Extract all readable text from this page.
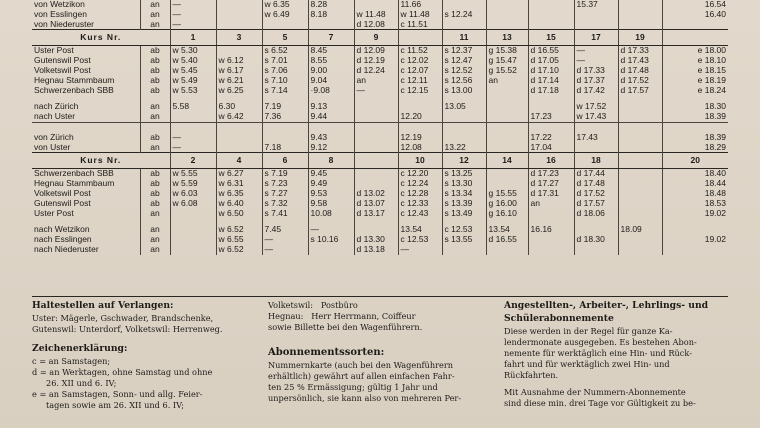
von Wetzikon	an	—		w 6.35	8.28		11.66				15.37		16.54
von Esslingen	an	—		w 6.49	8.18	w 11.48	w 11.48	s 12.24					16.40
von Niederuster	an	—				d 12.08	c 11.51						
Kurs Nr.		1	3	5	7	9		11	13	15	17	19	
Uster Post	ab	w 5.30		s 6.52	8.45	d 12.09	c 11.52	s 12.37	g 15.38	d 16.55	—	d 17.33	e 18.00
Gutenswil Post	ab	w 5.40	w 6.12	s 7.01	8.55	d 12.19	c 12.02	s 12.47	g 15.47	d 17.05	—	d 17.43	e 18.10
Volketswil Post	ab	w 5.45	w 6.17	s 7.06	9.00	d 12.24	c 12.07	s 12.52	g 15.52	d 17.10	d 17.33	d 17.48	e 18.15
Hegnau Stammbaum	ab	w 5.49	w 6.21	s 7.10	9.04	an	c 12.11	s 12.56	an	d 17.14	d 17.37	d 17.52	e 18.19
Schwerzenbach SBB	ab	w 5.53	w 6.25	s 7.14	·9.08	—	c 12.15	s 13.00		d 17.18	d 17.42	d 17.57	e 18.24

nach Zürich	an	5.58	6.30	7.19	9.13			13.05			w 17.52		18.30
nach Uster	an		w 6.42	7.36	9.44		12.20			17.23	w 17.43		18.39

von Zürich	ab	—			9.43		12.19			17.22	17.43		18.39
von Uster	an	—		7.18	9.12		12.08	13.22		17.04			18.29
Kurs Nr.		2	4	6	8		10	12	14	16	18		20
Schwerzenbach SBB	ab	w 5.55	w 6.27	s 7.19	9.45		c 12.20	s 13.25		d 17.23	d 17.44		18.40
Hegnau Stammbaum	ab	w 5.59	w 6.31	s 7.23	9.49		c 12.24	s 13.30		d 17.27	d 17.48		18.44
Volketswil Post	ab	w 6.03	w 6.35	s 7.27	9.53	d 13.02	c 12.28	s 13.34	g 15.55	d 17.31	d 17.52		18.48
Gutenswil Post	ab	w 6.08	w 6.40	s 7.32	9.58	d 13.07	c 12.33	s 13.39	g 16.00	an	d 17.57		18.53
Uster Post	an		w 6.50	s 7.41	10.08	d 13.17	c 12.43	s 13.49	g 16.10		d 18.06		19.02

nach Wetzikon	an		w 6.52	7.45	—		13.54	c 12.53	13.54	16.16		18.09	
nach Esslingen	an		w 6.55	—	s 10.16	d 13.30	c 12.53	s 13.55	d 16.55		d 18.30		19.02
nach Niederuster	an		w 6.52	—		d 13.18	—						
Haltestellen auf Verlangen:

Uster: Mägerle, Gschwader, Brandschenke,

Gutenswil: Unterdorf, Volketswil: Herrenweg.

Zeichenerklärung:

c = an Samstagen;

d = an Werktagen, ohne Samstag und ohne

26. XII und 6. IV;

e = an Samstagen, Sonn- und allg. Feier-

tagen sowie am 26. XII und 6. IV;

Volketswil: Postbüro

Hegnau: Herr Herrmann, Coiffeur

sowie Billette bei den Wagenführern.

Abonnementssorten:

Nummernkarte (auch bei den Wagenführern

erhältlich) gewährt auf allen einfachen Fahr-

ten 25 % Ermässigung; gültig 1 Jahr und

unpersönlich, sie kann also von mehreren Per-

Angestellten-, Arbeiter-, Lehrlings- und
Schülerabonnemente

Diese werden in der Regel für ganze Ka-

lendermonate ausgegeben. Es bestehen Abon-

nemente für werktäglich eine Hin- und Rück-

fahrt und für werktäglich zwei Hin- und

Rückfahrten.

Mit Ausnahme der Nummern-Abonnemente

sind diese min. drei Tage vor Gültigkeit zu be-
